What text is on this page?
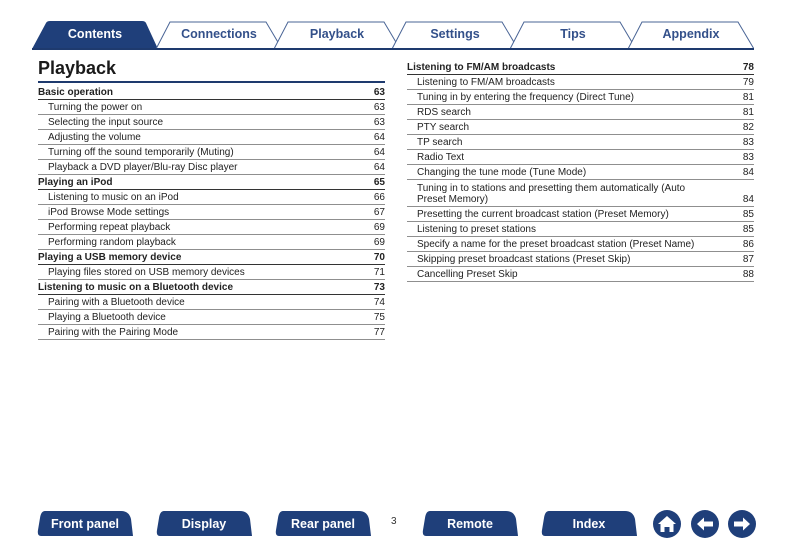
Contents	Connections	Playback	Settings	Tips	Appendix
Playback
Basic operation	63
Turning the power on	63
Selecting the input source	63
Adjusting the volume	64
Turning off the sound temporarily (Muting)	64
Playback a DVD player/Blu-ray Disc player	64
Playing an iPod	65
Listening to music on an iPod	66
iPod Browse Mode settings	67
Performing repeat playback	69
Performing random playback	69
Playing a USB memory device	70
Playing files stored on USB memory devices	71
Listening to music on a Bluetooth device	73
Pairing with a Bluetooth device	74
Playing a Bluetooth device	75
Pairing with the Pairing Mode	77
Listening to FM/AM broadcasts	78
Listening to FM/AM broadcasts	79
Tuning in by entering the frequency (Direct Tune)	81
RDS search	81
PTY search	82
TP search	83
Radio Text	83
Changing the tune mode (Tune Mode)	84
Tuning in to stations and presetting them automatically (Auto
Preset Memory)	84
Presetting the current broadcast station (Preset Memory)	85
Listening to preset stations	85
Specify a name for the preset broadcast station (Preset Name)	86
Skipping preset broadcast stations (Preset Skip)	87
Cancelling Preset Skip	88
Front panel	Display	Rear panel	3	Remote	Index
